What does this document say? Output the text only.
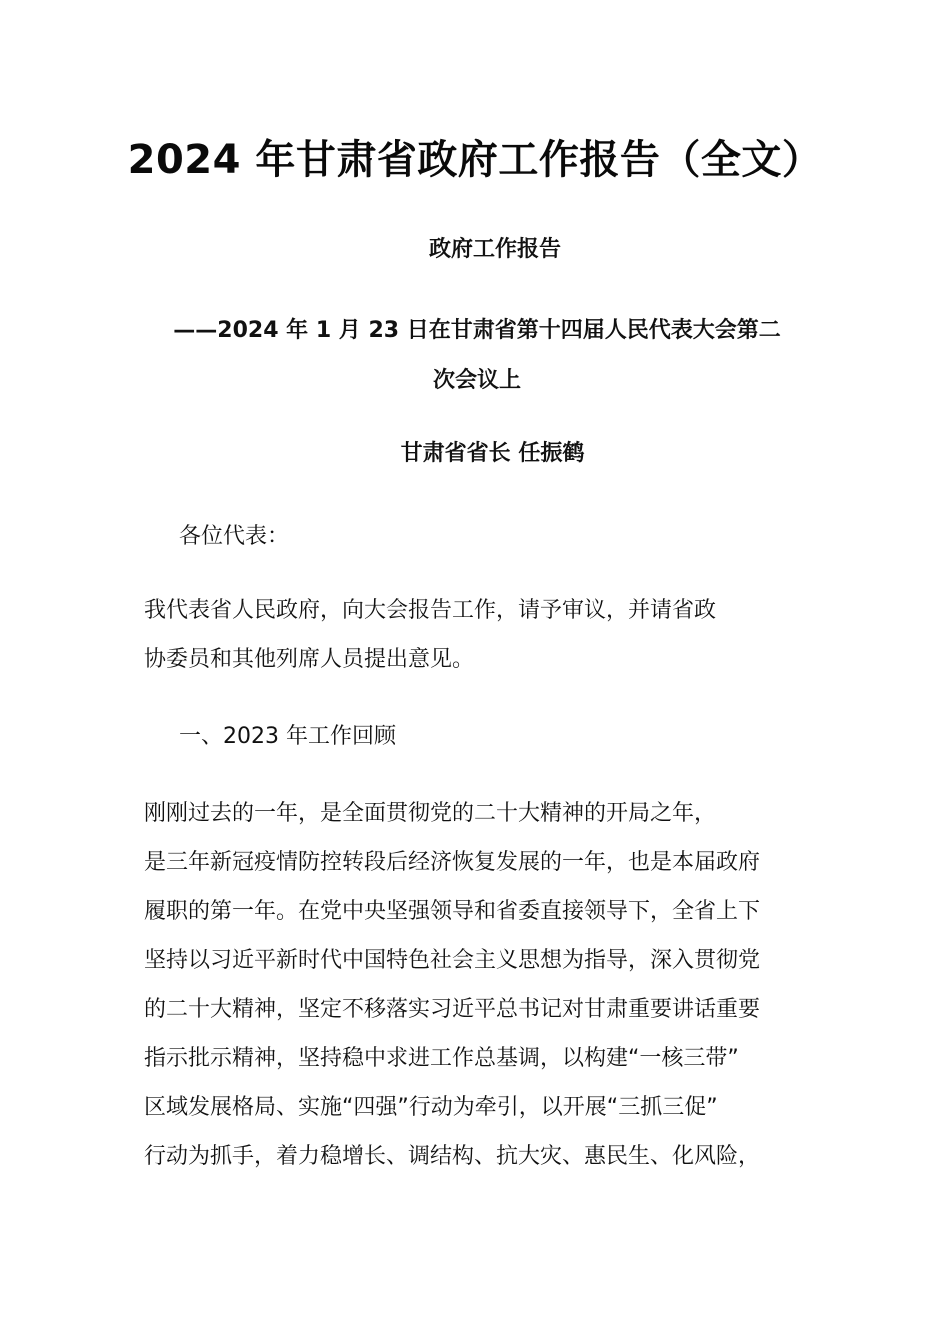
2024 年甘肃省政府工作报告（全文）
政府工作报告
——2024 年 1 月 23 日在甘肃省第十四届人民代表大会第二
次会议上
甘肃省省长 任振鹤
各位代表：
我代表省人民政府，向大会报告工作，请予审议，并请省政
协委员和其他列席人员提出意见。
一、2023 年工作回顾
刚刚过去的一年，是全面贯彻党的二十大精神的开局之年，
是三年新冠疫情防控转段后经济恢复发展的一年，也是本届政府
履职的第一年。在党中央坚强领导和省委直接领导下，全省上下
坚持以习近平新时代中国特色社会主义思想为指导，深入贯彻党
的二十大精神，坚定不移落实习近平总书记对甘肃重要讲话重要
指示批示精神，坚持稳中求进工作总基调，以构建“一核三带”
区域发展格局、实施“四强”行动为牵引，以开展“三抓三促”
行动为抓手，着力稳增长、调结构、抗大灾、惠民生、化风险，
